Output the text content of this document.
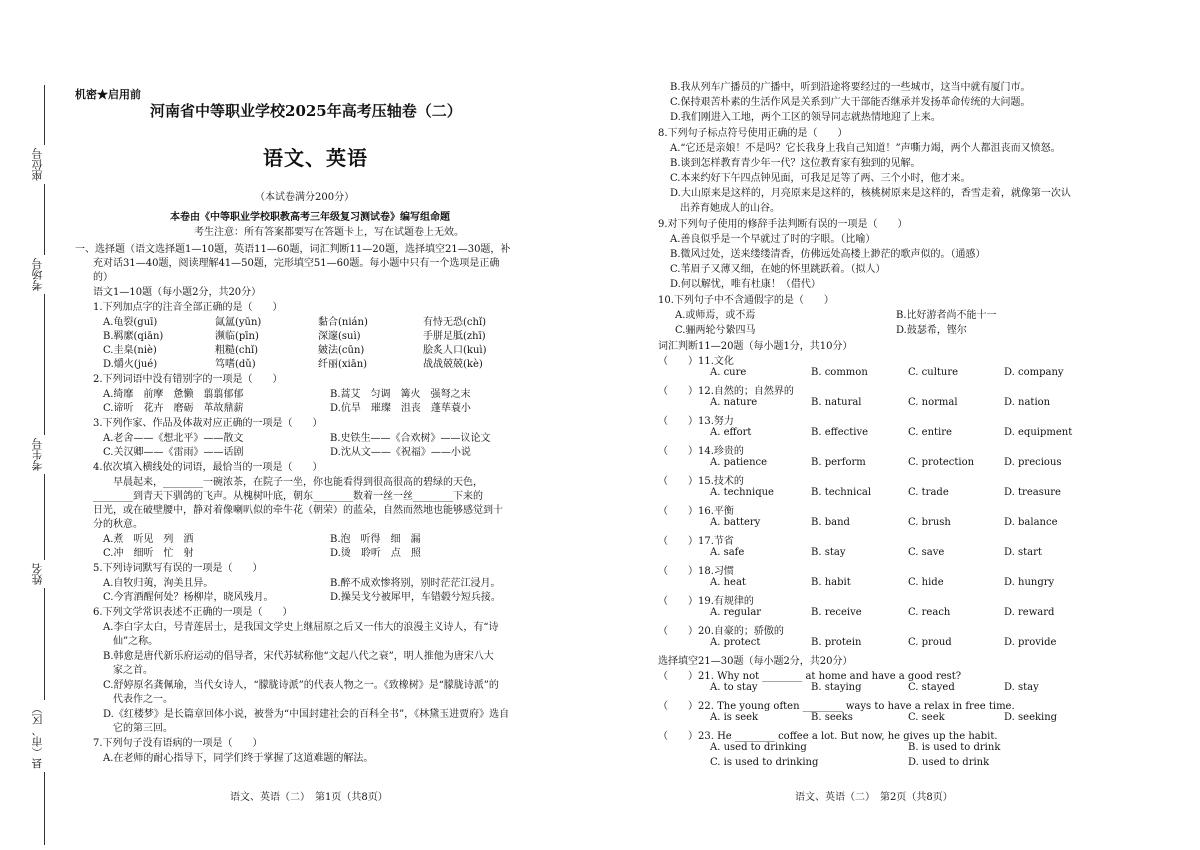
座位号
考场号
考生号
姓名
县（市、区）
机密★启用前
河南省中等职业学校2025年高考压轴卷（二）
语文、英语
（本试卷满分200分）
本卷由《中等职业学校职教高考三年级复习测试卷》编写组命题
考生注意：所有答案都要写在答题卡上，写在试题卷上无效。
一、选择题（语文选择题1—10题，英语11—60题，词汇判断11—20题，选择填空21—30题，补
充对话31—40题，阅读理解41—50题，完形填空51—60题。每小题中只有一个选项是正确
的）
语文1—10题（每小题2分，共20分）
1.下列加点字的注音全部正确的是（　　）
A.龟裂(guī)	氤氲(yūn)	黏合(nián)	有恃无恐(chǐ)
B.羁縻(qiān)	濒临(pīn)	深邃(suì)	手胼足胝(zhī)
C.圭臬(niè)	粗糙(chǐ)	皴法(cūn)	脍炙人口(kuì)
D.爝火(jué)	笃嗜(dǔ)	纤丽(xiān)	战战兢兢(kè)
2.下列词语中没有错别字的一项是（　　）
A.绮靡　前摩　惫懒　翦翦郁郁	B.蒿艾　匀调　篝火　强弩之末
C.谛听　花卉　磨砺　革故鼎薪	D.伉旱　璀璨　沮丧　蓬荜蓑小
3.下列作家、作品及体裁对应正确的一项是（　　）
A.老舍——《想北平》——散文	B.史铁生——《合欢树》——议论文
C.关汉卿——《雷雨》——话剧	D.沈从文——《祝福》——小说
4.依次填入横线处的词语，最恰当的一项是（　　）
早晨起来，________一碗浓茶，在院子一坐，你也能看得到很高很高的碧绿的天色，
________到青天下驯鸽的飞声。从槐树叶底，朝东________数着一丝一丝________下来的
日光，或在破壁腰中，静对着像喇叭似的牵牛花（朝荣）的蓝朵，自然而然地也能够感觉到十
分的秋意。
A.煮　听见　列　洒	B.泡　听得　细　漏
C.冲　细听　忙　射	D.烫　聆听　点　照
5.下列诗词默写有误的一项是（　　）
A.自牧归荑，洵美且异。	B.醉不成欢惨将别，别时茫茫江浸月。
C.今宵酒醒何处？杨柳岸，晓风残月。	D.操吴戈兮被犀甲，车错毂兮短兵接。
6.下列文学常识表述不正确的一项是（　　）
A.李白字太白，号青莲居士，是我国文学史上继屈原之后又一伟大的浪漫主义诗人，有“诗
　仙”之称。
B.韩愈是唐代新乐府运动的倡导者，宋代苏轼称他“文起八代之衰”，明人推他为唐宋八大
　家之首。
C.舒婷原名龚佩瑜，当代女诗人，“朦胧诗派”的代表人物之一。《致橡树》是“朦胧诗派”的
　代表作之一。
D.《红楼梦》是长篇章回体小说，被誉为“中国封建社会的百科全书”，《林黛玉进贾府》选自
　它的第三回。
7.下列句子没有语病的一项是（　　）
A.在老师的耐心指导下，同学们终于掌握了这道难题的解法。
语文、英语（二）　第1页（共8页）
B.我从列车广播员的广播中，听到沿途将要经过的一些城市，这当中就有厦门市。
C.保持艰苦朴素的生活作风是关系到广大干部能否继承并发扬革命传统的大问题。
D.我们刚进入工地，两个工区的领导同志就热情地迎了上来。
8.下列句子标点符号使用正确的是（　　）
A.“它还是亲娘！不是吗？它长我身上我自己知道！”声嘶力竭，两个人都沮丧而又愤怒。
B.谈到怎样教育青少年一代？这位教育家有独到的见解。
C.本来约好下午四点钟见面，可我足足等了两、三个小时，他才来。
D.大山原来是这样的，月亮原来是这样的，核桃树原来是这样的，香雪走着，就像第一次认
　出养育她成人的山谷。
9.对下列句子使用的修辞手法判断有误的一项是（　　）
A.善良似乎是一个早就过了时的字眼。（比喻）
B.微风过处，送来缕缕清香，仿佛远处高楼上渺茫的歌声似的。（通感）
C.苇眉子又薄又细，在她的怀里跳跃着。（拟人）
D.何以解忧，唯有杜康！（借代）
10.下列句子中不含通假字的是（　　）
A.或师焉，或不焉	B.比好游者尚不能十一
C.骊两轮兮絷四马	D.鼓瑟希，铿尔
词汇判断11—20题（每小题1分，共10分）
（　　）11.文化
A. cure	B. common	C. culture	D. company
（　　）12.自然的；自然界的
A. nature	B. natural	C. normal	D. nation
（　　）13.努力
A. effort	B. effective	C. entire	D. equipment
（　　）14.珍贵的
A. patience	B. perform	C. protection	D. precious
（　　）15.技术的
A. technique	B. technical	C. trade	D. treasure
（　　）16.平衡
A. battery	B. band	C. brush	D. balance
（　　）17.节省
A. safe	B. stay	C. save	D. start
（　　）18.习惯
A. heat	B. habit	C. hide	D. hungry
（　　）19.有规律的
A. regular	B. receive	C. reach	D. reward
（　　）20.自豪的；骄傲的
A. protect	B. protein	C. proud	D. provide
选择填空21—30题（每小题2分，共20分）
（　　）21. Why not ________ at home and have a good rest?
A. to stay	B. staying	C. stayed	D. stay
（　　）22. The young often ________ ways to have a relax in free time.
A. is seek	B. seeks	C. seek	D. seeking
（　　）23. He ________ coffee a lot. But now, he gives up the habit.
A. used to drinking	B. is used to drink
C. is used to drinking	D. used to drink
语文、英语（二）　第2页（共8页）
